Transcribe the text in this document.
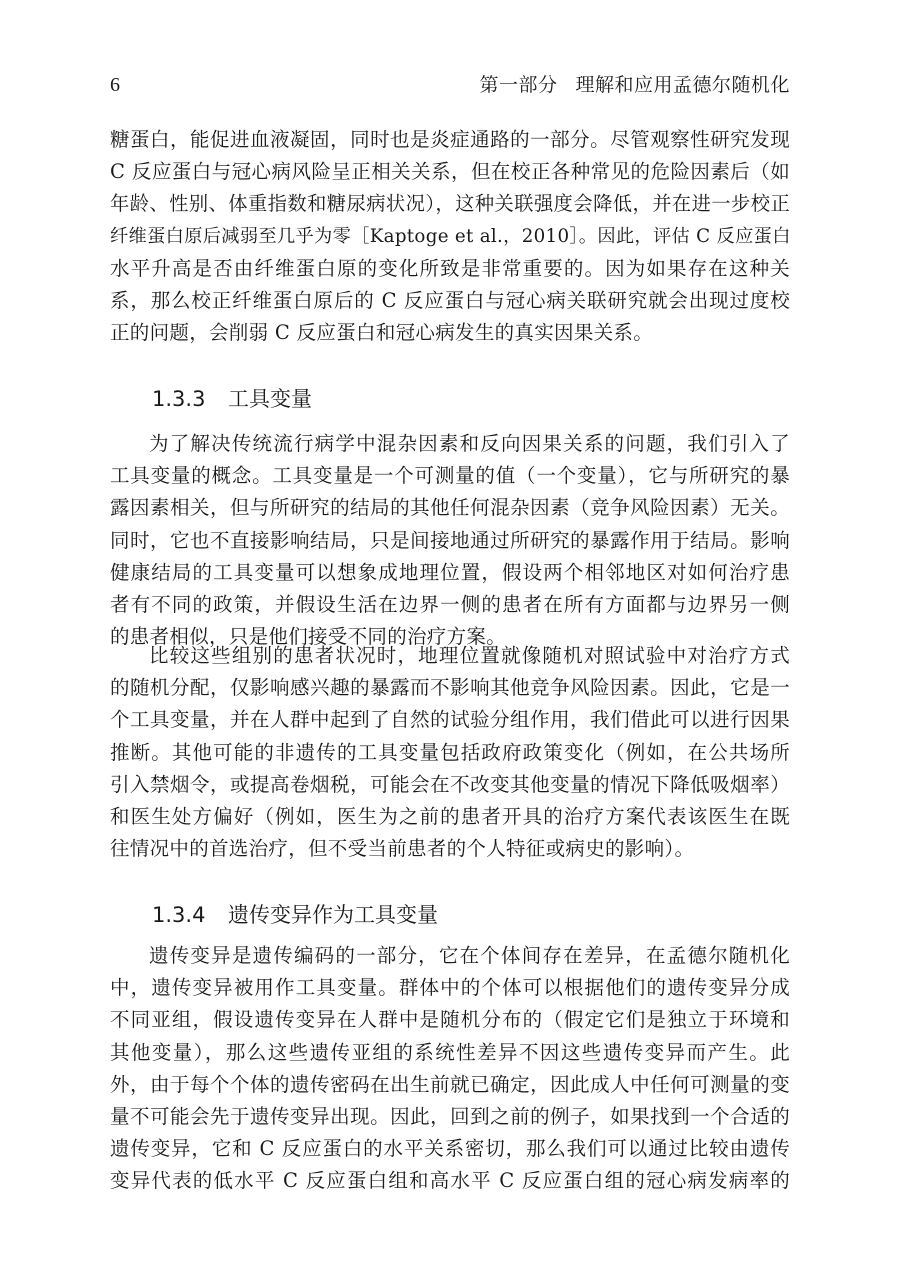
6	第一部分 理解和应用孟德尔随机化

糖蛋白，能促进血液凝固，同时也是炎症通路的一部分。尽管观察性研究发现
C 反应蛋白与冠心病风险呈正相关关系，但在校正各种常见的危险因素后（如
年龄、性别、体重指数和糖尿病状况），这种关联强度会降低，并在进一步校正
纤维蛋白原后减弱至几乎为零［Kaptoge et al.，2010］。因此，评估 C 反应蛋白
水平升高是否由纤维蛋白原的变化所致是非常重要的。因为如果存在这种关
系，那么校正纤维蛋白原后的 C 反应蛋白与冠心病关联研究就会出现过度校
正的问题，会削弱 C 反应蛋白和冠心病发生的真实因果关系。

1.3.3 工具变量

为了解决传统流行病学中混杂因素和反向因果关系的问题，我们引入了
工具变量的概念。工具变量是一个可测量的值（一个变量），它与所研究的暴
露因素相关，但与所研究的结局的其他任何混杂因素（竞争风险因素）无关。
同时，它也不直接影响结局，只是间接地通过所研究的暴露作用于结局。影响
健康结局的工具变量可以想象成地理位置，假设两个相邻地区对如何治疗患
者有不同的政策，并假设生活在边界一侧的患者在所有方面都与边界另一侧
的患者相似，只是他们接受不同的治疗方案。

比较这些组别的患者状况时，地理位置就像随机对照试验中对治疗方式
的随机分配，仅影响感兴趣的暴露而不影响其他竞争风险因素。因此，它是一
个工具变量，并在人群中起到了自然的试验分组作用，我们借此可以进行因果
推断。其他可能的非遗传的工具变量包括政府政策变化（例如，在公共场所
引入禁烟令，或提高卷烟税，可能会在不改变其他变量的情况下降低吸烟率）
和医生处方偏好（例如，医生为之前的患者开具的治疗方案代表该医生在既
往情况中的首选治疗，但不受当前患者的个人特征或病史的影响）。

1.3.4 遗传变异作为工具变量

遗传变异是遗传编码的一部分，它在个体间存在差异，在孟德尔随机化
中，遗传变异被用作工具变量。群体中的个体可以根据他们的遗传变异分成
不同亚组，假设遗传变异在人群中是随机分布的（假定它们是独立于环境和
其他变量），那么这些遗传亚组的系统性差异不因这些遗传变异而产生。此
外，由于每个个体的遗传密码在出生前就已确定，因此成人中任何可测量的变
量不可能会先于遗传变异出现。因此，回到之前的例子，如果找到一个合适的
遗传变异，它和 C 反应蛋白的水平关系密切，那么我们可以通过比较由遗传
变异代表的低水平 C 反应蛋白组和高水平 C 反应蛋白组的冠心病发病率的
